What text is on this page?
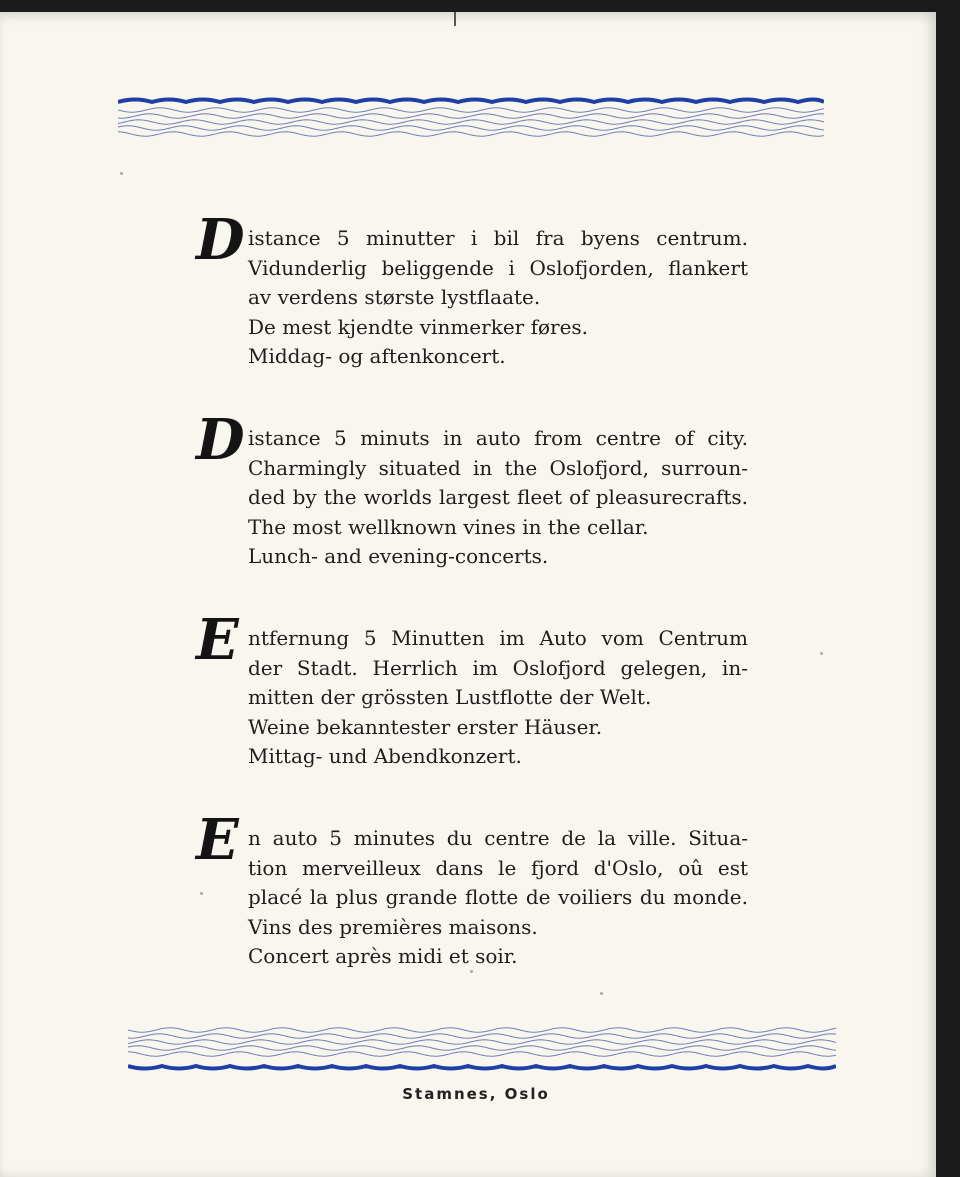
D istance 5 minutter i bil fra byens centrum.
Vidunderlig beliggende i Oslofjorden, flankert
av verdens største lystflaate.
De mest kjendte vinmerker føres.
Middag- og aftenkoncert.
D istance 5 minuts in auto from centre of city.
Charmingly situated in the Oslofjord, surroun-
ded by the worlds largest fleet of pleasurecrafts.
The most wellknown vines in the cellar.
Lunch- and evening-concerts.
E ntfernung 5 Minutten im Auto vom Centrum
der Stadt. Herrlich im Oslofjord gelegen, in-
mitten der grössten Lustflotte der Welt.
Weine bekanntester erster Häuser.
Mittag- und Abendkonzert.
E n auto 5 minutes du centre de la ville. Situa-
tion merveilleux dans le fjord d'Oslo, oû est
placé la plus grande flotte de voiliers du monde.
Vins des premières maisons.
Concert après midi et soir.
Stamnes, Oslo
